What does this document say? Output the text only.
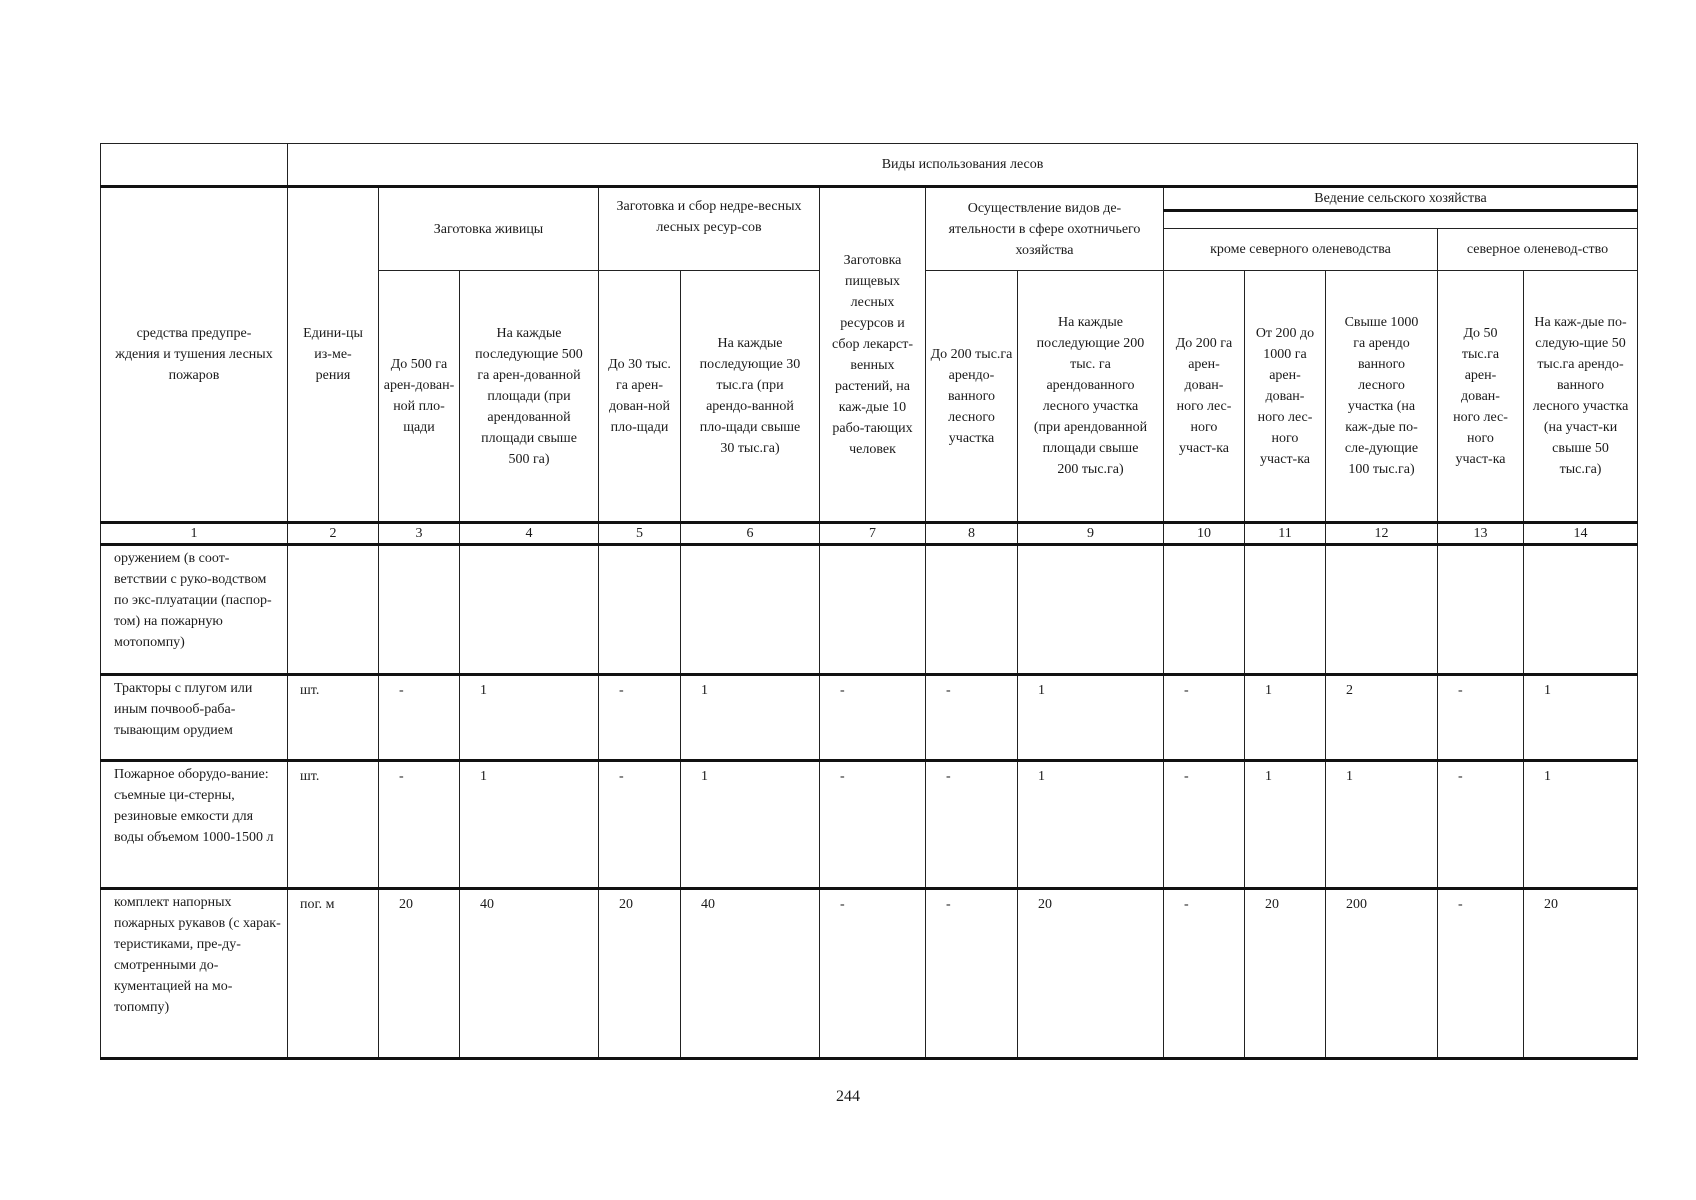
	Виды использования лесов												
средства предупре-ждения и тушения лесных пожаров	Едини-цы из-ме-рения	Заготовка живицы		Заготовка и сбор недре-весных лесных ресур-сов		Заготовка пищевых лесных ресурсов и сбор лекарст-венных растений, на каж-дые 10 рабо-тающих человек	Осуществление видов де-ятельности в сфере охотничьего хозяйства		Ведение сельского хозяйства				

									кроме северного оленеводства			северное оленевод-ство	
		До 500 га арен-дован-ной пло-щади	На каждые последующие 500 га арен-дованной площади (при арендованной площади свыше 500 га)	До 30 тыс. га арен-дован-ной пло-щади	На каждые последующие 30 тыс.га (при арендо-ванной пло-щади свыше 30 тыс.га)		До 200 тыс.га арендо-ванного лесного участка	На каждые последующие 200 тыс. га арендованного лесного участка (при арендованной площади свыше 200 тыс.га)	До 200 га арен-дован-ного лес-ного участ-ка	От 200 до 1000 га арен-дован-ного лес-ного участ-ка	Свыше 1000 га арендо ванного лесного участка (на каж-дые по-сле-дующие 100 тыс.га)	До 50 тыс.га арен-дован-ного лес-ного участ-ка	На каж-дые по-следую-щие 50 тыс.га арендо-ванного лесного участка (на участ-ки свыше 50 тыс.га)
1	2	3	4	5	6	7	8	9	10	11	12	13	14
оружением (в соот-ветствии с руко-водством по экс-плуатации (паспор-том) на пожарную мотопомпу)													
Тракторы с плугом или иным почвооб-раба-тывающим орудием	шт.	-	1	-	1	-	-	1	-	1	2	-	1
Пожарное оборудо-вание: съемные ци-стерны, резиновые емкости для воды объемом 1000-1500 л	шт.	-	1	-	1	-	-	1	-	1	1	-	1
комплект напорных пожарных рукавов (с харак-теристиками, пре-ду-смотренными до-кументацией на мо-топомпу)	пог. м	20	40	20	40	-	-	20	-	20	200	-	20
244
